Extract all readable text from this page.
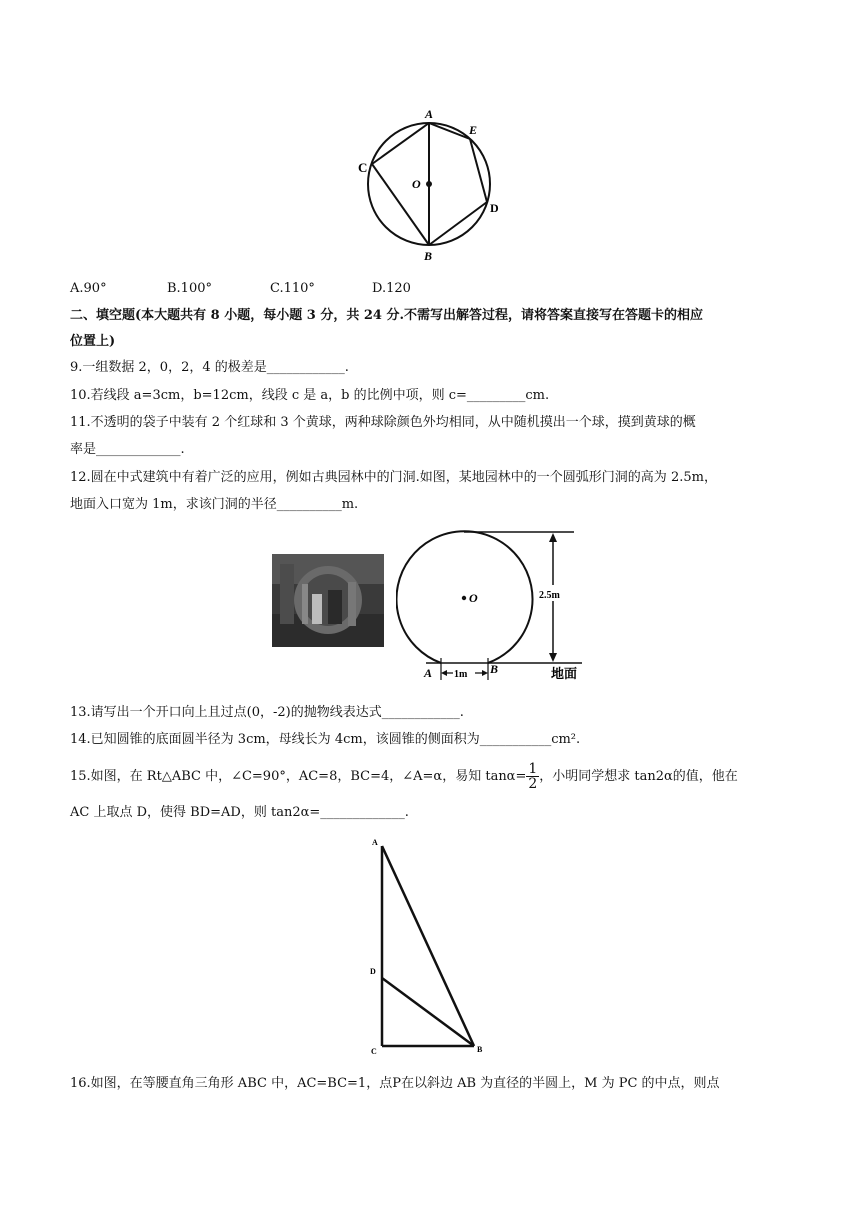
A
E
C
O
D
B
A.90°	B.100°	C.110°	D.120
二、填空题(本大题共有 8 小题，每小题 3 分，共 24 分.不需写出解答过程，请将答案直接写在答题卡的相应
位置上)
9.一组数据 2，0，2，4 的极差是____________.
10.若线段 a=3cm，b=12cm，线段 c 是 a，b 的比例中项，则 c=_________cm.
11.不透明的袋子中装有 2 个红球和 3 个黄球，两种球除颜色外均相同，从中随机摸出一个球，摸到黄球的概
率是_____________.
12.圆在中式建筑中有着广泛的应用，例如古典园林中的门洞.如图，某地园林中的一个圆弧形门洞的高为 2.5m，
地面入口宽为 1m，求该门洞的半径__________m.
2.5m
O
1m
A	B	地面
13.请写出一个开口向上且过点(0，-2)的抛物线表达式____________.
14.已知圆锥的底面圆半径为 3cm，母线长为 4cm，该圆锥的侧面积为___________cm².
15.如图，在 Rt△ABC 中，∠C=90°，AC=8，BC=4，∠A=α，易知 $\tan\alpha= \frac{1}{2}$ ，小明同学想求 tan2α的值，他在
AC 上取点 D，使得 BD=AD，则 tan2α=_____________.
A
D
C	B
16.如图，在等腰直角三角形 ABC 中，AC=BC=1，点P在以斜边 AB 为直径的半圆上，M 为 PC 的中点，则点
